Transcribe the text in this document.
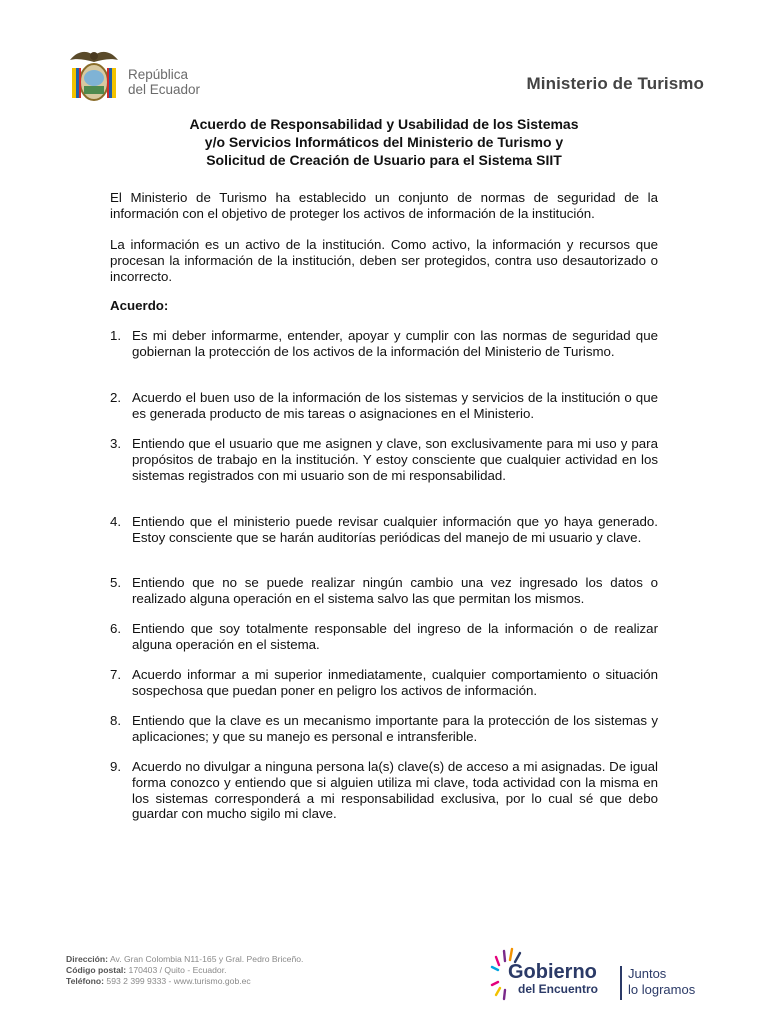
República
del Ecuador	Ministerio de Turismo
Acuerdo de Responsabilidad y Usabilidad de los Sistemas
y/o Servicios Informáticos del Ministerio de Turismo y
Solicitud de Creación de Usuario para el Sistema SIIT
El Ministerio de Turismo ha establecido un conjunto de normas de seguridad de la información con el objetivo de proteger los activos de información de la institución.
La información es un activo de la institución. Como activo, la información y recursos que procesan la información de la institución, deben ser protegidos, contra uso desautorizado o incorrecto.
Acuerdo:
1. Es mi deber informarme, entender, apoyar y cumplir con las normas de seguridad que gobiernan la protección de los activos de la información del Ministerio de Turismo.
2. Acuerdo el buen uso de la información de los sistemas y servicios de la institución o que es generada producto de mis tareas o asignaciones en el Ministerio.
3. Entiendo que el usuario que me asignen y clave, son exclusivamente para mi uso y para propósitos de trabajo en la institución. Y estoy consciente que cualquier actividad en los sistemas registrados con mi usuario son de mi responsabilidad.
4. Entiendo que el ministerio puede revisar cualquier información que yo haya generado. Estoy consciente que se harán auditorías periódicas del manejo de mi usuario y clave.
5. Entiendo que no se puede realizar ningún cambio una vez ingresado los datos o realizado alguna operación en el sistema salvo las que permitan los mismos.
6. Entiendo que soy totalmente responsable del ingreso de la información o de realizar alguna operación en el sistema.
7. Acuerdo informar a mi superior inmediatamente, cualquier comportamiento o situación sospechosa que puedan poner en peligro los activos de información.
8. Entiendo que la clave es un mecanismo importante para la protección de los sistemas y aplicaciones; y que su manejo es personal e intransferible.
9. Acuerdo no divulgar a ninguna persona la(s) clave(s) de acceso a mi asignadas. De igual forma conozco y entiendo que si alguien utiliza mi clave, toda actividad con la misma en los sistemas corresponderá a mi responsabilidad exclusiva, por lo cual sé que debo guardar con mucho sigilo mi clave.
Dirección: Av. Gran Colombia N11-165 y Gral. Pedro Briceño.
Código postal: 170403 / Quito - Ecuador.
Teléfono: 593 2 399 9333 - www.turismo.gob.ec	Gobierno
del Encuentro
Juntos
lo logramos
